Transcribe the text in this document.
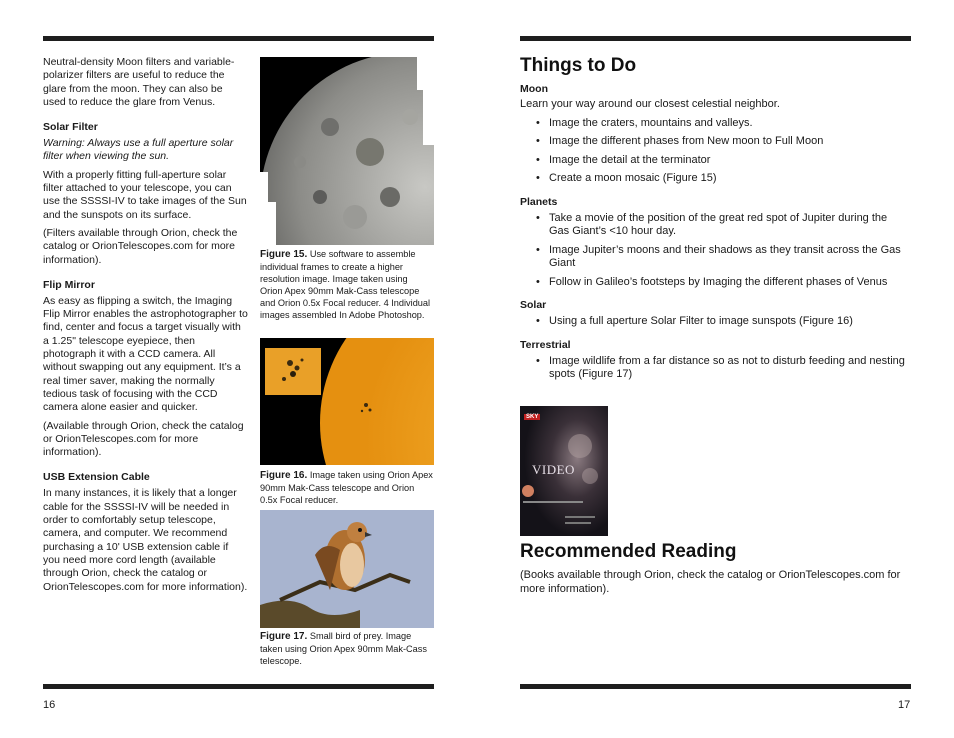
Neutral-density Moon filters and variable-polarizer filters are useful to reduce the glare from the moon. They can also be used to reduce the glare from Venus.

Solar Filter

Warning: Always use a full aperture solar filter when viewing the sun.

With a properly fitting full-aperture solar filter attached to your telescope, you can use the SSSSI-IV to take images of the Sun and the sunspots on its surface.

(Filters available through Orion, check the catalog or OrionTelescopes.com for more information).

Flip Mirror

As easy as flipping a switch, the Imaging Flip Mirror enables the astrophotographer to find, center and focus a target visually with a 1.25" telescope eyepiece, then photograph it with a CCD camera. All without swapping out any equipment. It’s a real timer saver, making the normally tedious task of focusing with the CCD camera alone easier and quicker.

(Available through Orion, check the catalog or OrionTelescopes.com for more information).

USB Extension Cable

In many instances, it is likely that a longer cable for the SSSSI-IV will be needed in order to comfortably setup telescope, camera, and computer. We recommend purchasing a 10' USB extension cable if you need more cord length (available through Orion, check the catalog or OrionTelescopes.com for more information).

Figure 15. Use software to assemble individual frames to create a higher resolution image. Image taken using Orion Apex 90mm Mak-Cass telescope and Orion 0.5x Focal reducer. 4 Individual images assembled In Adobe Photoshop.
Figure 16. Image taken using Orion Apex 90mm Mak-Cass telescope and Orion 0.5x Focal reducer.
Figure 17. Small bird of prey. Image taken using Orion Apex 90mm Mak-Cass telescope.
16
Things to Do

Moon

Learn your way around our closest celestial neighbor.

• Image the craters, mountains and valleys.
• Image the different phases from New moon to Full Moon
• Image the detail at the terminator
• Create a moon mosaic (Figure 15)

Planets

• Take a movie of the position of the great red spot of Jupiter during the Gas Giant’s <10 hour day.
• Image Jupiter’s moons and their shadows as they transit across the Gas Giant
• Follow in Galileo’s footsteps by Imaging the different phases of Venus

Solar

• Using a full aperture Solar Filter to image sunspots (Figure 16)

Terrestrial

• Image wildlife from a far distance so as not to disturb feeding and nesting spots (Figure 17)
SKY
VIDEO
Recommended Reading

(Books available through Orion, check the catalog or OrionTelescopes.com for more information).

17
